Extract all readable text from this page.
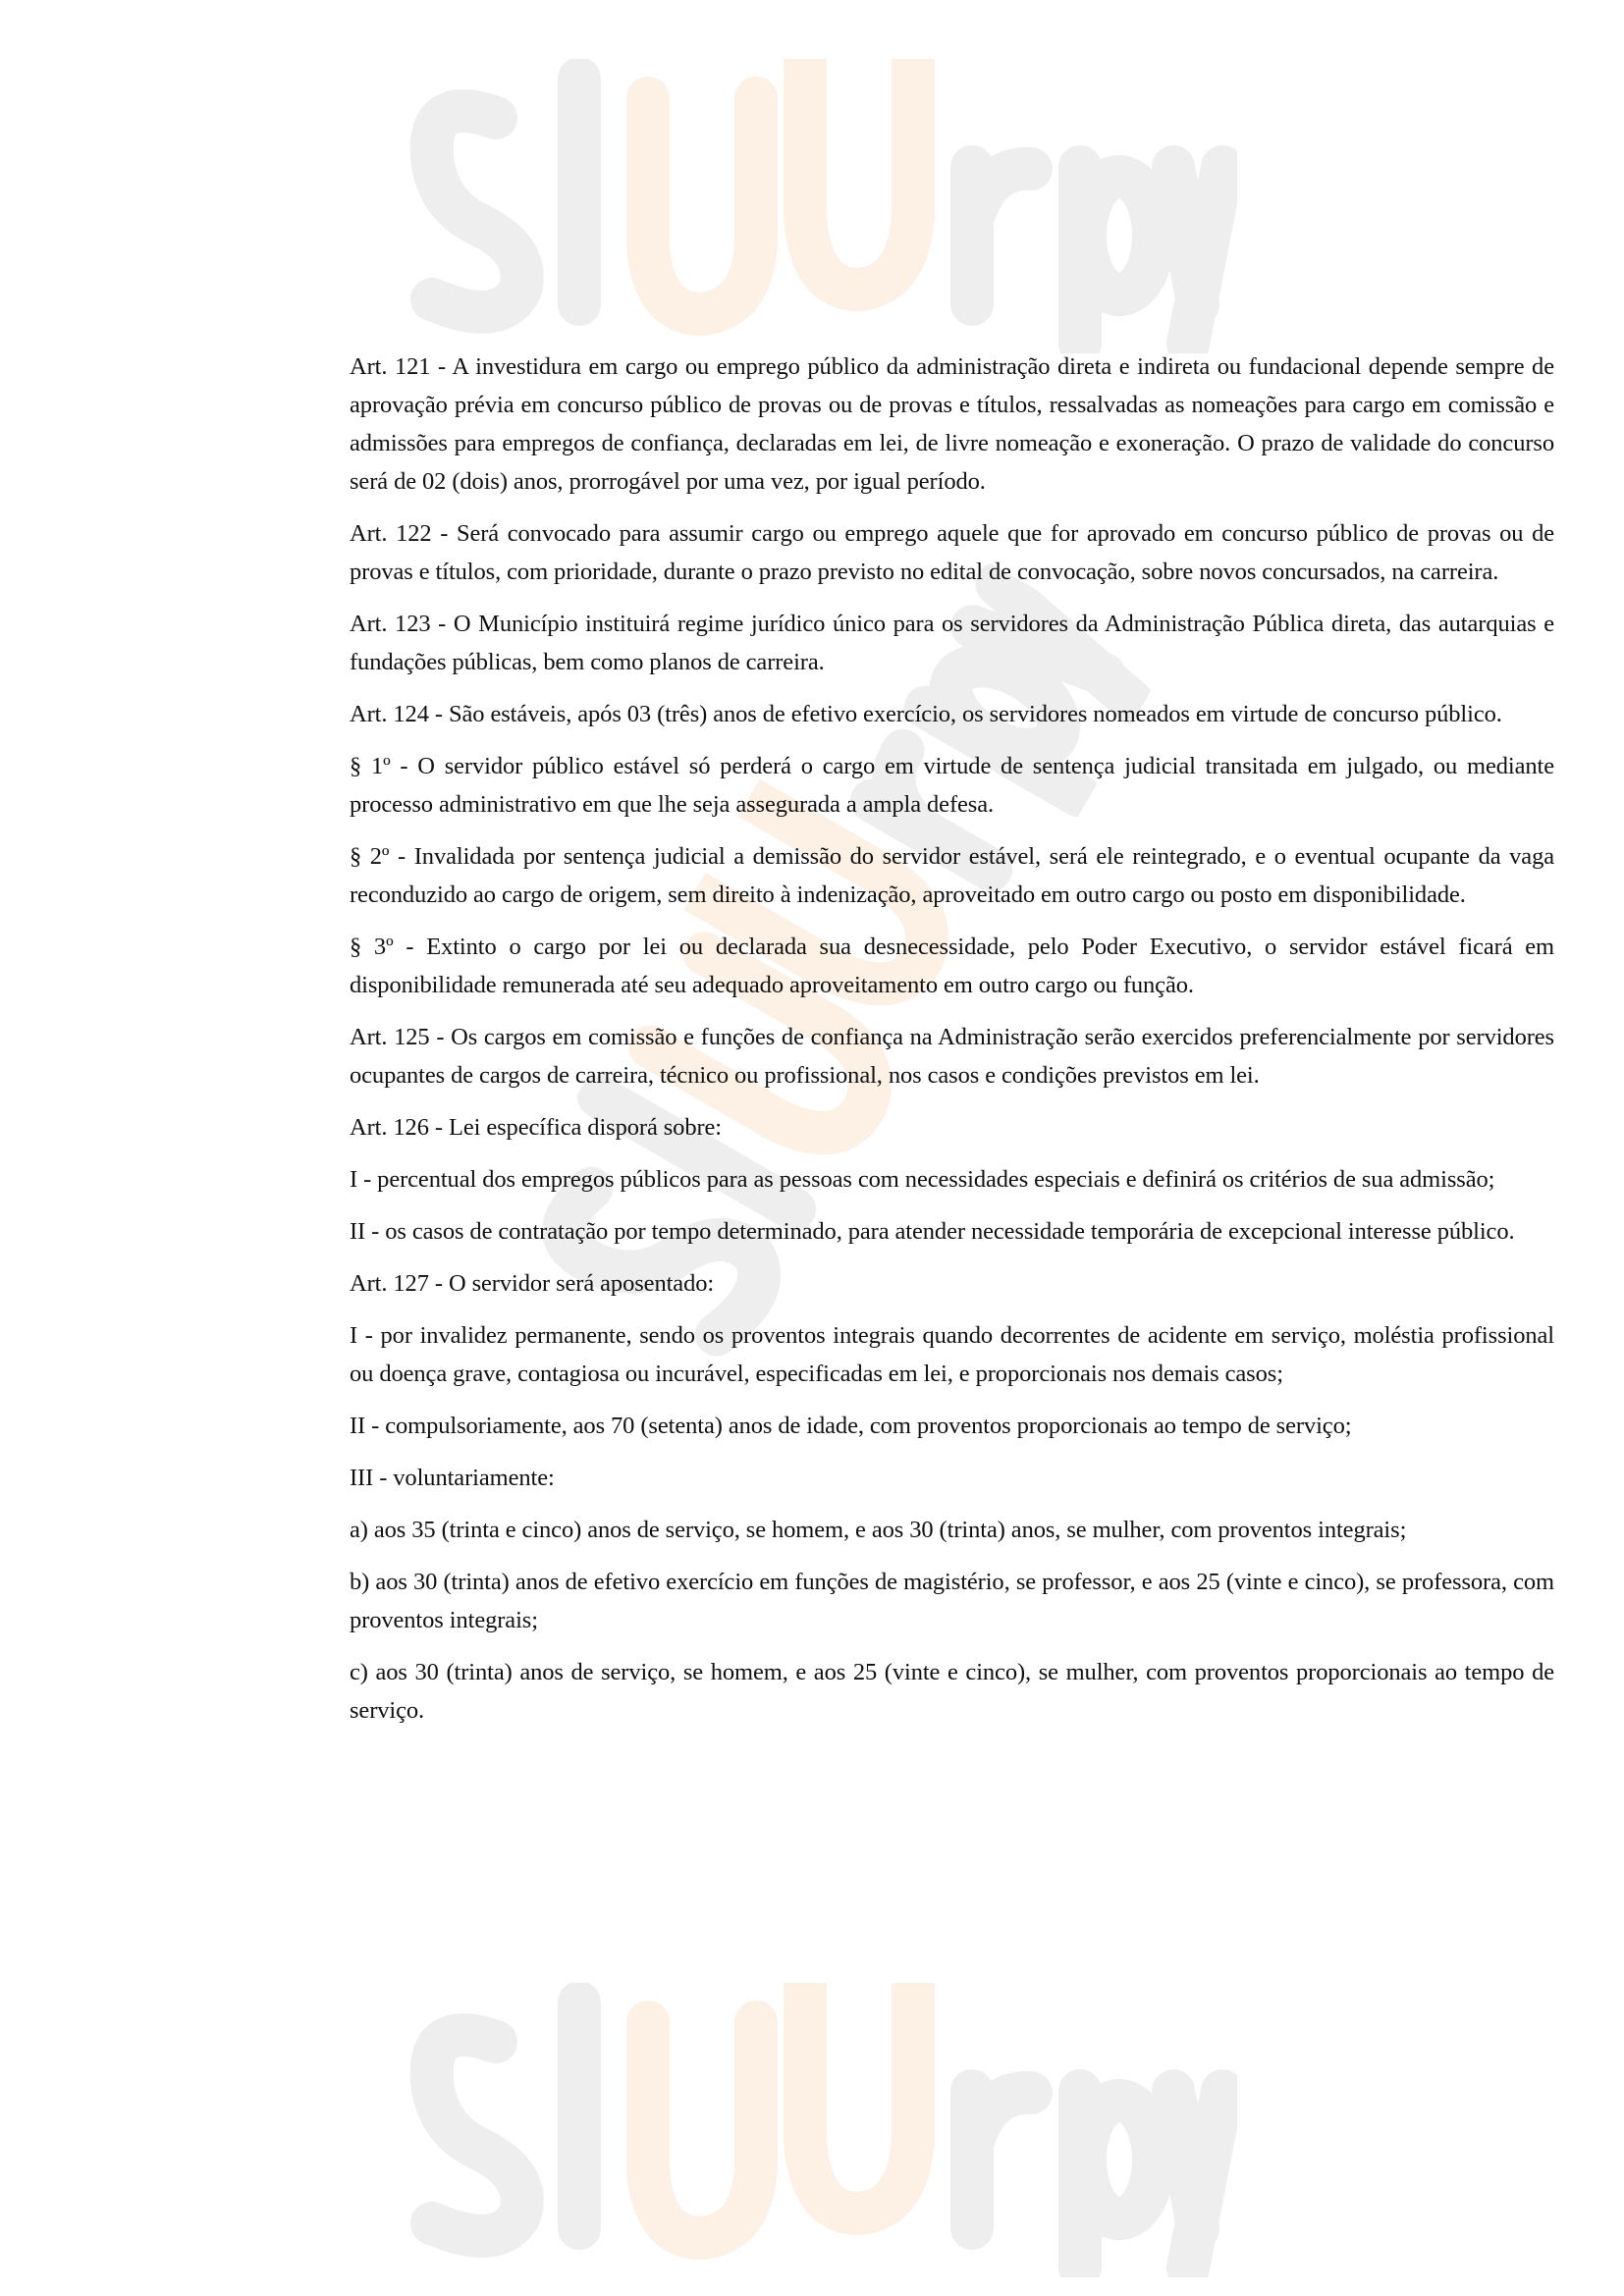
Art. 121 - A investidura em cargo ou emprego público da administração direta e indireta ou fundacional depende sempre de aprovação prévia em concurso público de provas ou de provas e títulos, ressalvadas as nomeações para cargo em comissão e admissões para empregos de confiança, declaradas em lei, de livre nomeação e exoneração. O prazo de validade do concurso será de 02 (dois) anos, prorrogável por uma vez, por igual período.

Art. 122 - Será convocado para assumir cargo ou emprego aquele que for aprovado em concurso público de provas ou de provas e títulos, com prioridade, durante o prazo previsto no edital de convocação, sobre novos concursados, na carreira.

Art. 123 - O Município instituirá regime jurídico único para os servidores da Administração Pública direta, das autarquias e fundações públicas, bem como planos de carreira.

Art. 124 - São estáveis, após 03 (três) anos de efetivo exercício, os servidores nomeados em virtude de concurso público.

§ 1º - O servidor público estável só perderá o cargo em virtude de sentença judicial transitada em julgado, ou mediante processo administrativo em que lhe seja assegurada a ampla defesa.

§ 2º - Invalidada por sentença judicial a demissão do servidor estável, será ele reintegrado, e o eventual ocupante da vaga reconduzido ao cargo de origem, sem direito à indenização, aproveitado em outro cargo ou posto em disponibilidade.

§ 3º - Extinto o cargo por lei ou declarada sua desnecessidade, pelo Poder Executivo, o servidor estável ficará em disponibilidade remunerada até seu adequado aproveitamento em outro cargo ou função.

Art. 125 - Os cargos em comissão e funções de confiança na Administração serão exercidos preferencialmente por servidores ocupantes de cargos de carreira, técnico ou profissional, nos casos e condições previstos em lei.

Art. 126 - Lei específica disporá sobre:

I - percentual dos empregos públicos para as pessoas com necessidades especiais e definirá os critérios de sua admissão;

II - os casos de contratação por tempo determinado, para atender necessidade temporária de excepcional interesse público.

Art. 127 - O servidor será aposentado:

I - por invalidez permanente, sendo os proventos integrais quando decorrentes de acidente em serviço, moléstia profissional ou doença grave, contagiosa ou incurável, especificadas em lei, e proporcionais nos demais casos;

II - compulsoriamente, aos 70 (setenta) anos de idade, com proventos proporcionais ao tempo de serviço;

III - voluntariamente:

a) aos 35 (trinta e cinco) anos de serviço, se homem, e aos 30 (trinta) anos, se mulher, com proventos integrais;

b) aos 30 (trinta) anos de efetivo exercício em funções de magistério, se professor, e aos 25 (vinte e cinco), se professora, com proventos integrais;

c) aos 30 (trinta) anos de serviço, se homem, e aos 25 (vinte e cinco), se mulher, com proventos proporcionais ao tempo de serviço.
